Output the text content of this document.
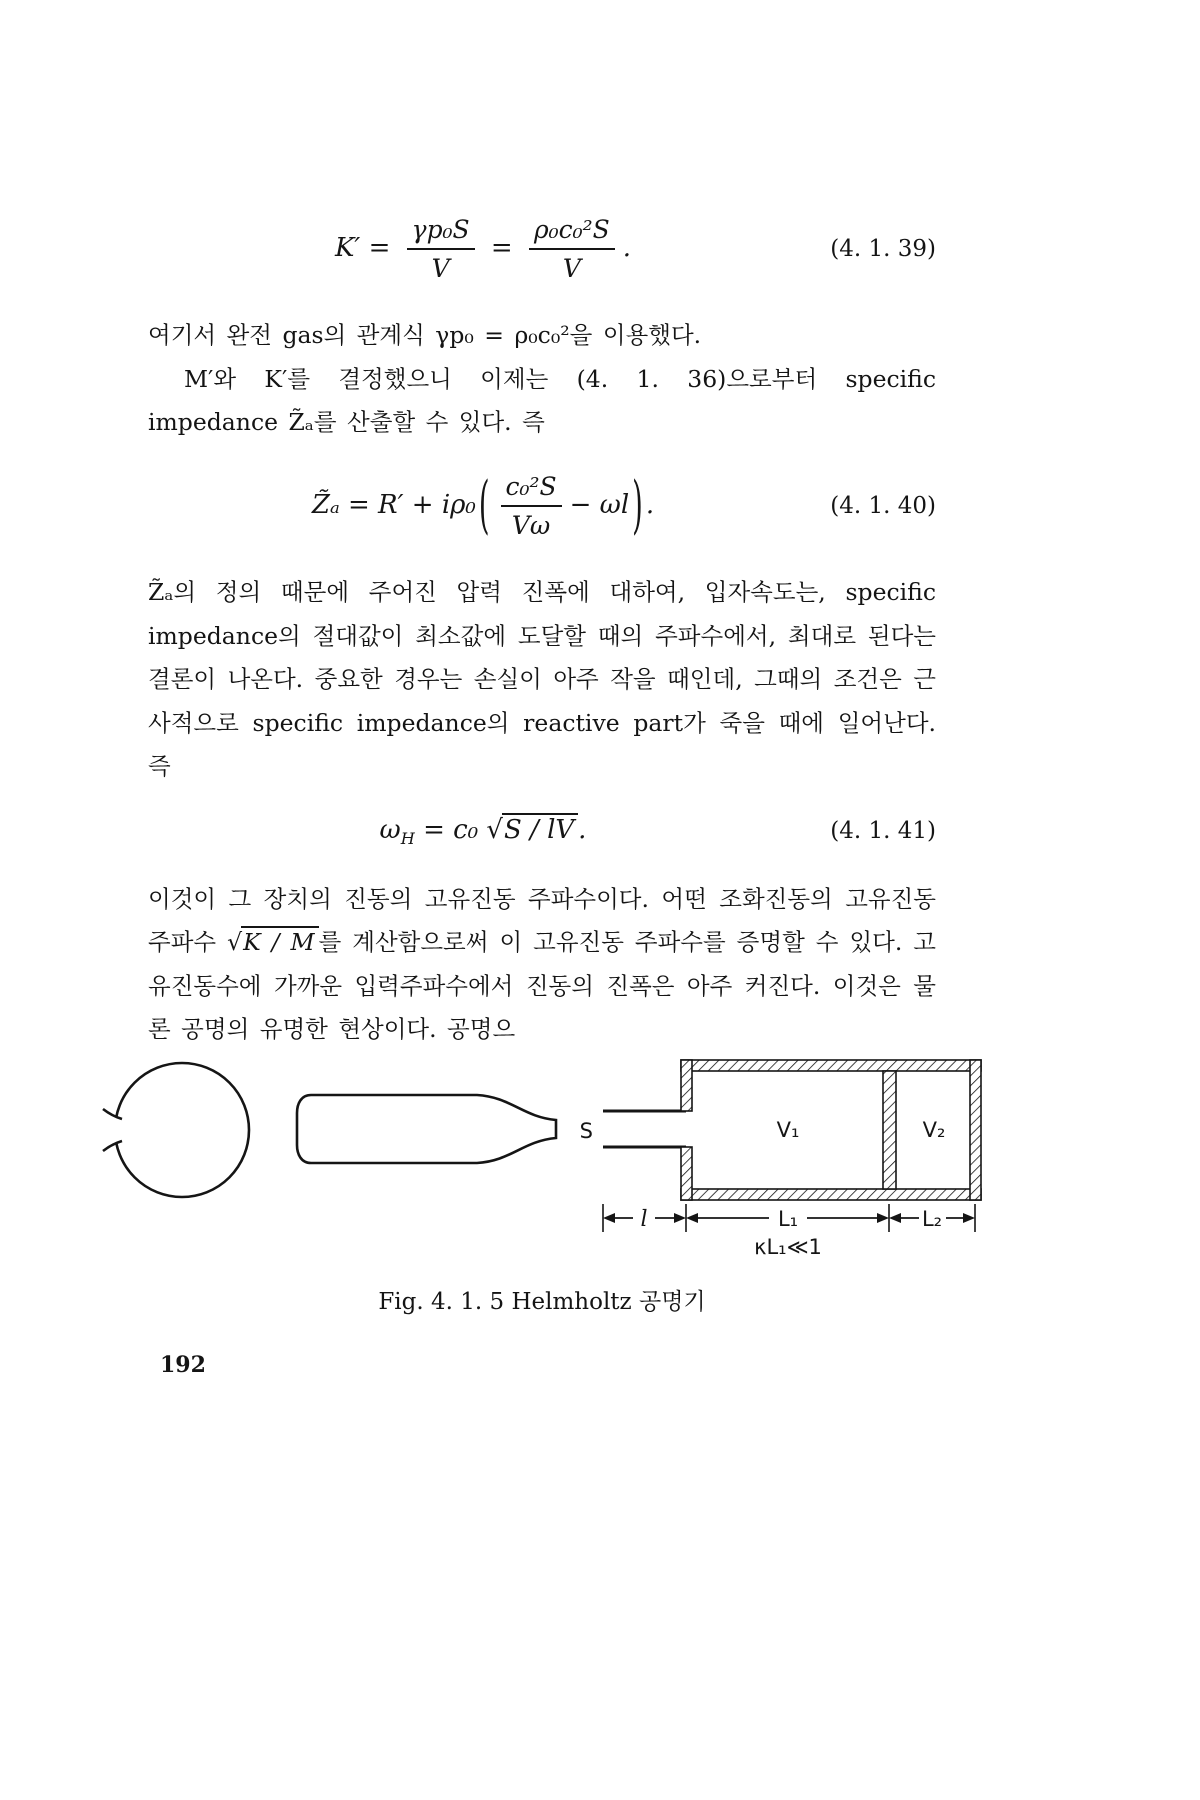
$K' = \frac{\text{γp₀S}}{V} = \frac{\text{ρ₀c₀²S}}{V}$ .	(4. 1. 39)

여기서 완전 gas의 관계식 γp₀ = ρ₀c₀²을 이용했다.

M′와 K′를 결정했으니 이제는 (4. 1. 36)으로부터 specific impedance Z̃ₐ를 산출할 수 있다. 즉

Z̃ₐ = R′ + iρ₀ ( $\frac{\text{c₀²S}}{V\omega} - \omega l$ ) .	(4. 1. 40)

Z̃ₐ의 정의 때문에 주어진 압력 진폭에 대하여, 입자속도는, specific impedance의 절대값이 최소값에 도달할 때의 주파수에서, 최대로 된다는 결론이 나온다. 중요한 경우는 손실이 아주 작을 때인데, 그때의 조건은 근사적으로 specific impedance의 reactive part가 죽을 때에 일어난다. 즉

$\omega_H = c_0$ √S / lV .	(4. 1. 41)

이것이 그 장치의 진동의 고유진동 주파수이다. 어떤 조화진동의 고유진동 주파수 √K / M 를 계산함으로써 이 고유진동 주파수를 증명할 수 있다. 고유진동수에 가까운 입력주파수에서 진동의 진폭은 아주 커진다. 이것은 물론 공명의 유명한 현상이다. 공명으

S	V₁	V₂
l	L₁	L₂
κL₁≪1
Fig. 4. 1. 5 Helmholtz 공명기
192
